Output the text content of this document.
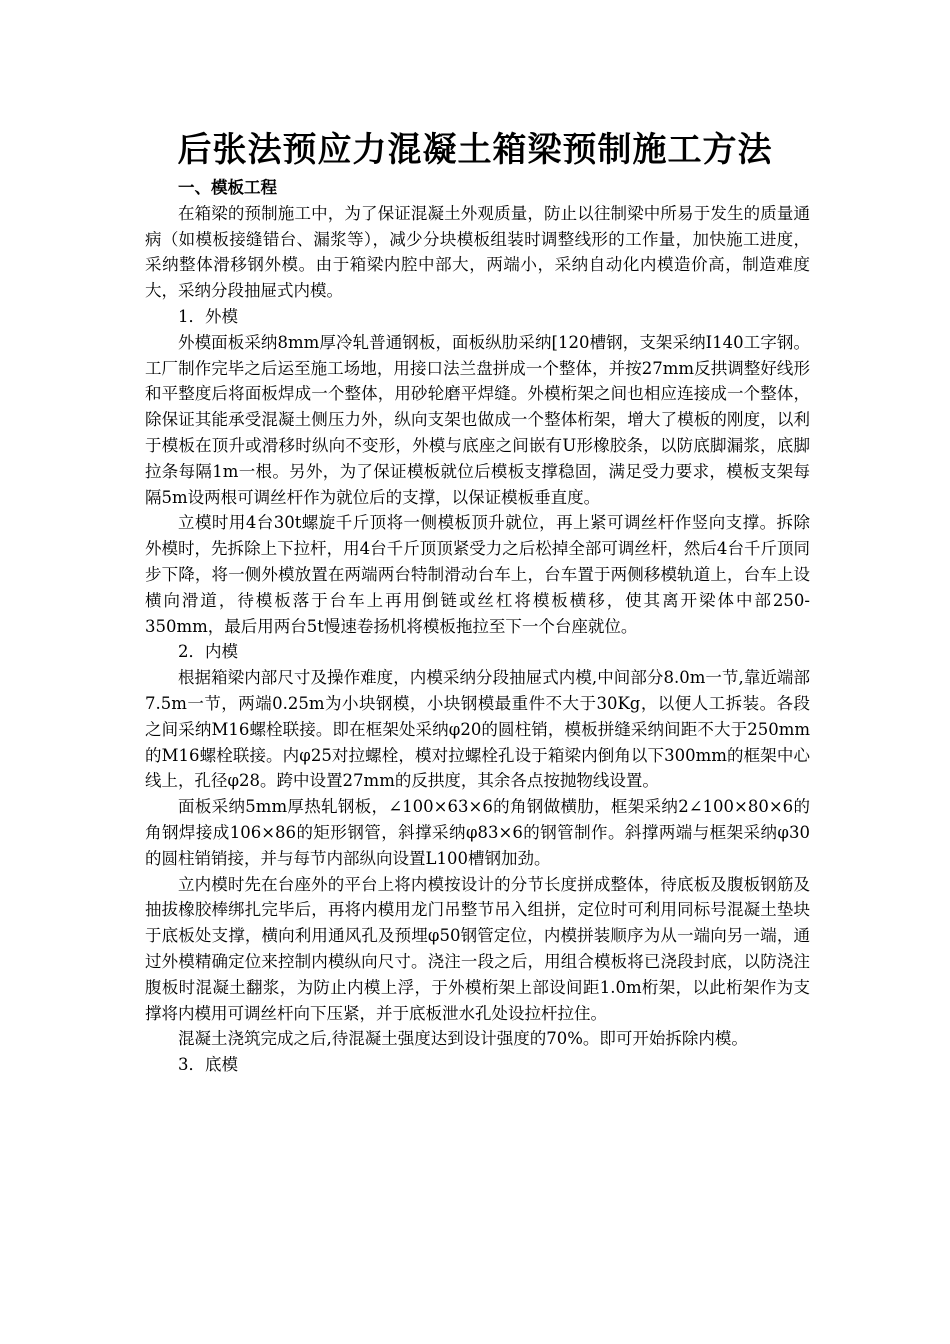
后张法预应力混凝土箱梁预制施工方法

一、模板工程

在箱梁的预制施工中，为了保证混凝土外观质量，防止以往制梁中所易于发生的质量通病（如模板接缝错台、漏浆等），减少分块模板组装时调整线形的工作量，加快施工进度，采纳整体滑移钢外模。由于箱梁内腔中部大，两端小，采纳自动化内模造价高，制造难度大，采纳分段抽屉式内模。

1．外模

外模面板采纳8mm厚冷轧普通钢板，面板纵肋采纳[120槽钢，支架采纳I140工字钢。工厂制作完毕之后运至施工场地，用接口法兰盘拼成一个整体，并按27mm反拱调整好线形和平整度后将面板焊成一个整体，用砂轮磨平焊缝。外模桁架之间也相应连接成一个整体，除保证其能承受混凝土侧压力外，纵向支架也做成一个整体桁架，增大了模板的刚度，以利于模板在顶升或滑移时纵向不变形，外模与底座之间嵌有U形橡胶条，以防底脚漏浆，底脚拉条每隔1m一根。另外，为了保证模板就位后模板支撑稳固，满足受力要求，模板支架每隔5m设两根可调丝杆作为就位后的支撑，以保证模板垂直度。

立模时用4台30t螺旋千斤顶将一侧模板顶升就位，再上紧可调丝杆作竖向支撑。拆除外模时，先拆除上下拉杆，用4台千斤顶顶紧受力之后松掉全部可调丝杆，然后4台千斤顶同步下降，将一侧外模放置在两端两台特制滑动台车上，台车置于两侧移模轨道上，台车上设横向滑道，待模板落于台车上再用倒链或丝杠将模板横移，使其离开梁体中部250-350mm，最后用两台5t慢速卷扬机将模板拖拉至下一个台座就位。

2．内模

根据箱梁内部尺寸及操作难度，内模采纳分段抽屉式内模,中间部分8.0m一节,靠近端部7.5m一节，两端0.25m为小块钢模，小块钢模最重件不大于30Kg，以便人工拆装。各段之间采纳M16螺栓联接。即在框架处采纳φ20的圆柱销，模板拼缝采纳间距不大于250mm的M16螺栓联接。内φ25对拉螺栓，模对拉螺栓孔设于箱梁内倒角以下300mm的框架中心线上，孔径φ28。跨中设置27mm的反拱度，其余各点按抛物线设置。

面板采纳5mm厚热轧钢板，∠100×63×6的角钢做横肋，框架采纳2∠100×80×6的角钢焊接成106×86的矩形钢管，斜撑采纳φ83×6的钢管制作。斜撑两端与框架采纳φ30的圆柱销销接，并与每节内部纵向设置L100槽钢加劲。

立内模时先在台座外的平台上将内模按设计的分节长度拼成整体，待底板及腹板钢筋及抽拔橡胶棒绑扎完毕后，再将内模用龙门吊整节吊入组拼，定位时可利用同标号混凝土垫块于底板处支撑，横向利用通风孔及预埋φ50钢管定位，内模拼装顺序为从一端向另一端，通过外模精确定位来控制内模纵向尺寸。浇注一段之后，用组合模板将已浇段封底，以防浇注腹板时混凝土翻浆，为防止内模上浮，于外模桁架上部设间距1.0m桁架，以此桁架作为支撑将内模用可调丝杆向下压紧，并于底板泄水孔处设拉杆拉住。

混凝土浇筑完成之后,待混凝土强度达到设计强度的70%。即可开始拆除内模。

3．底模
